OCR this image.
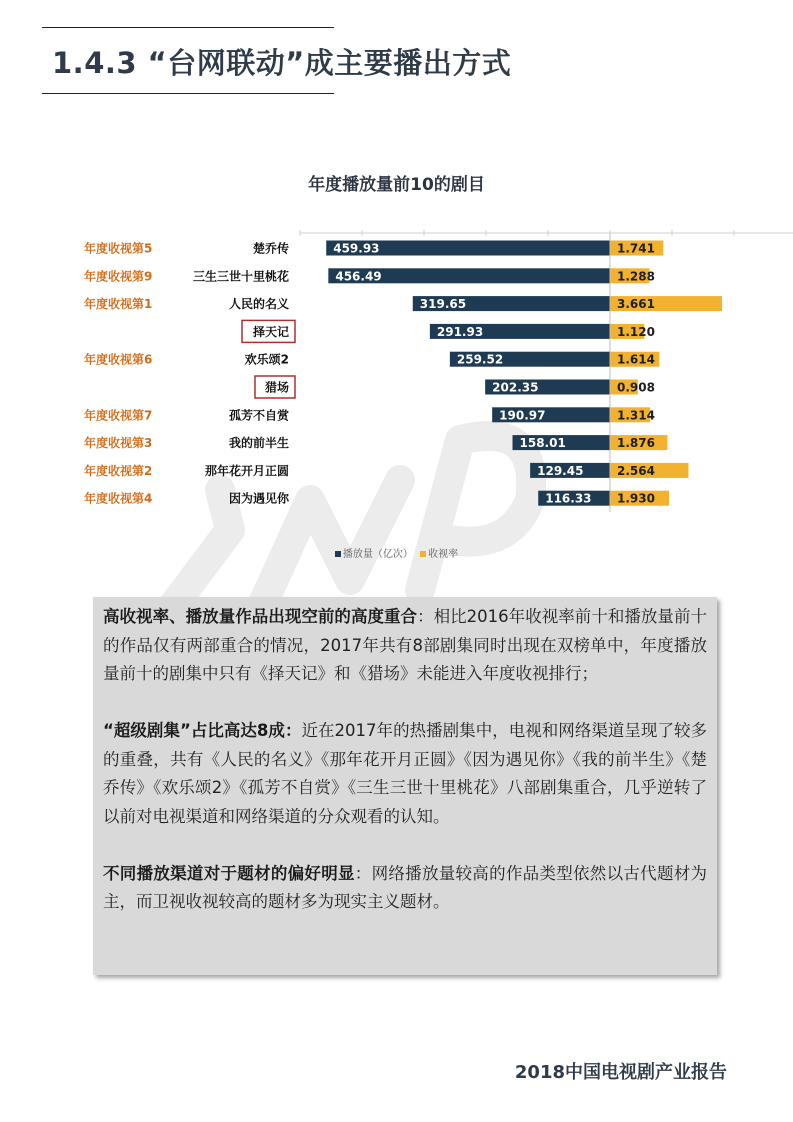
1.4.3 “台网联动”成主要播出方式
年度播放量前10的剧目
459.93	1.741
楚乔传
年度收视第5
456.49	1.288
三生三世十里桃花
年度收视第9
319.65	3.661
人民的名义
年度收视第1
291.93	1.120
择天记
259.52	1.614
欢乐颂2
年度收视第6
202.35	0.908
猎场
190.97	1.314
孤芳不自赏
年度收视第7
158.01	1.876
我的前半生
年度收视第3
129.45	2.564
那年花开月正圆
年度收视第2
116.33 1.930
因为遇见你
年度收视第4
播放量（亿次） 收视率

高收视率、播放量作品出现空前的高度重合：相比2016年收视率前十和播放量前十的作品仅有两部重合的情况，2017年共有8部剧集同时出现在双榜单中，年度播放量前十的剧集中只有《择天记》和《猎场》未能进入年度收视排行；

“超级剧集”占比高达8成：近在2017年的热播剧集中，电视和网络渠道呈现了较多的重叠，共有《人民的名义》《那年花开月正圆》《因为遇见你》《我的前半生》《楚乔传》《欢乐颂2》《孤芳不自赏》《三生三世十里桃花》八部剧集重合，几乎逆转了以前对电视渠道和网络渠道的分众观看的认知。

不同播放渠道对于题材的偏好明显：网络播放量较高的作品类型依然以古代题材为主，而卫视收视较高的题材多为现实主义题材。

2018中国电视剧产业报告
